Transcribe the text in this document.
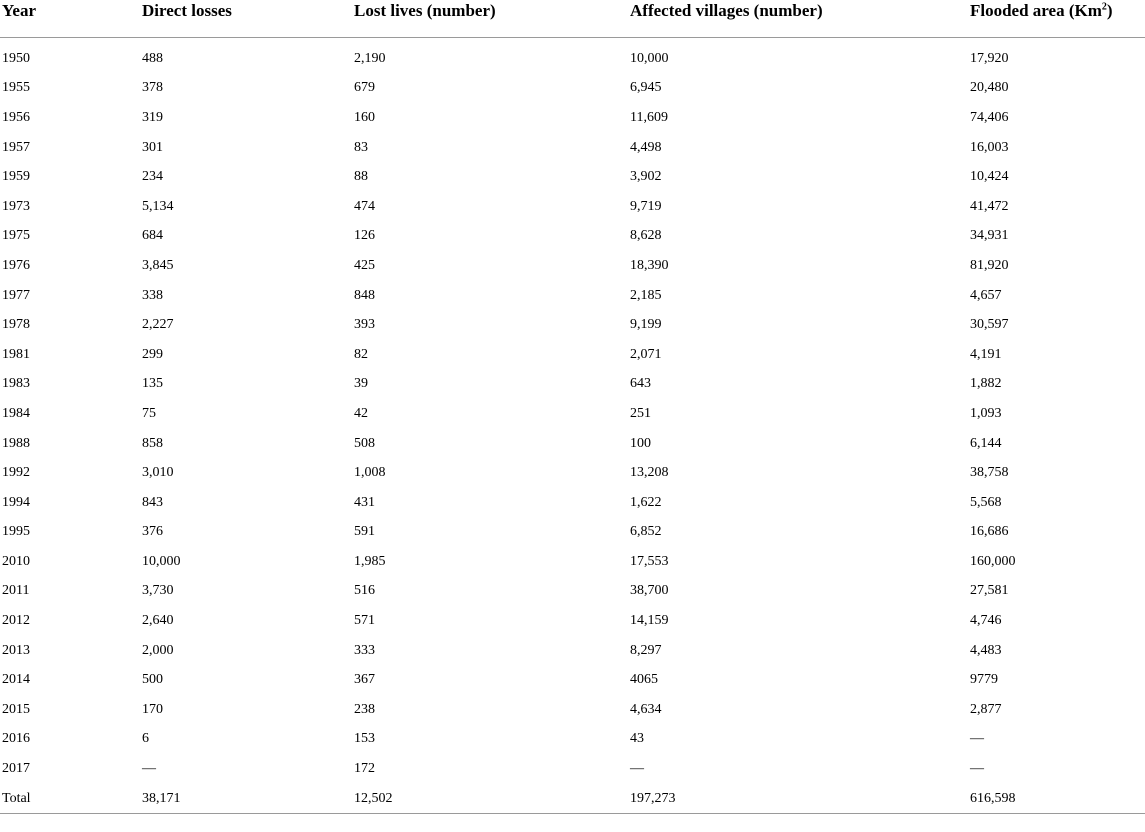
Year	Direct losses	Lost lives (number)	Affected villages (number)	Flooded area (Km$^2$)
1950	488	2,190	10,000	17,920
1955	378	679	6,945	20,480
1956	319	160	11,609	74,406
1957	301	83	4,498	16,003
1959	234	88	3,902	10,424
1973	5,134	474	9,719	41,472
1975	684	126	8,628	34,931
1976	3,845	425	18,390	81,920
1977	338	848	2,185	4,657
1978	2,227	393	9,199	30,597
1981	299	82	2,071	4,191
1983	135	39	643	1,882
1984	75	42	251	1,093
1988	858	508	100	6,144
1992	3,010	1,008	13,208	38,758
1994	843	431	1,622	5,568
1995	376	591	6,852	16,686
2010	10,000	1,985	17,553	160,000
2011	3,730	516	38,700	27,581
2012	2,640	571	14,159	4,746
2013	2,000	333	8,297	4,483
2014	500	367	4065	9779
2015	170	238	4,634	2,877
2016	6	153	43	—
2017	—	172	—	—
Total	38,171	12,502	197,273	616,598
